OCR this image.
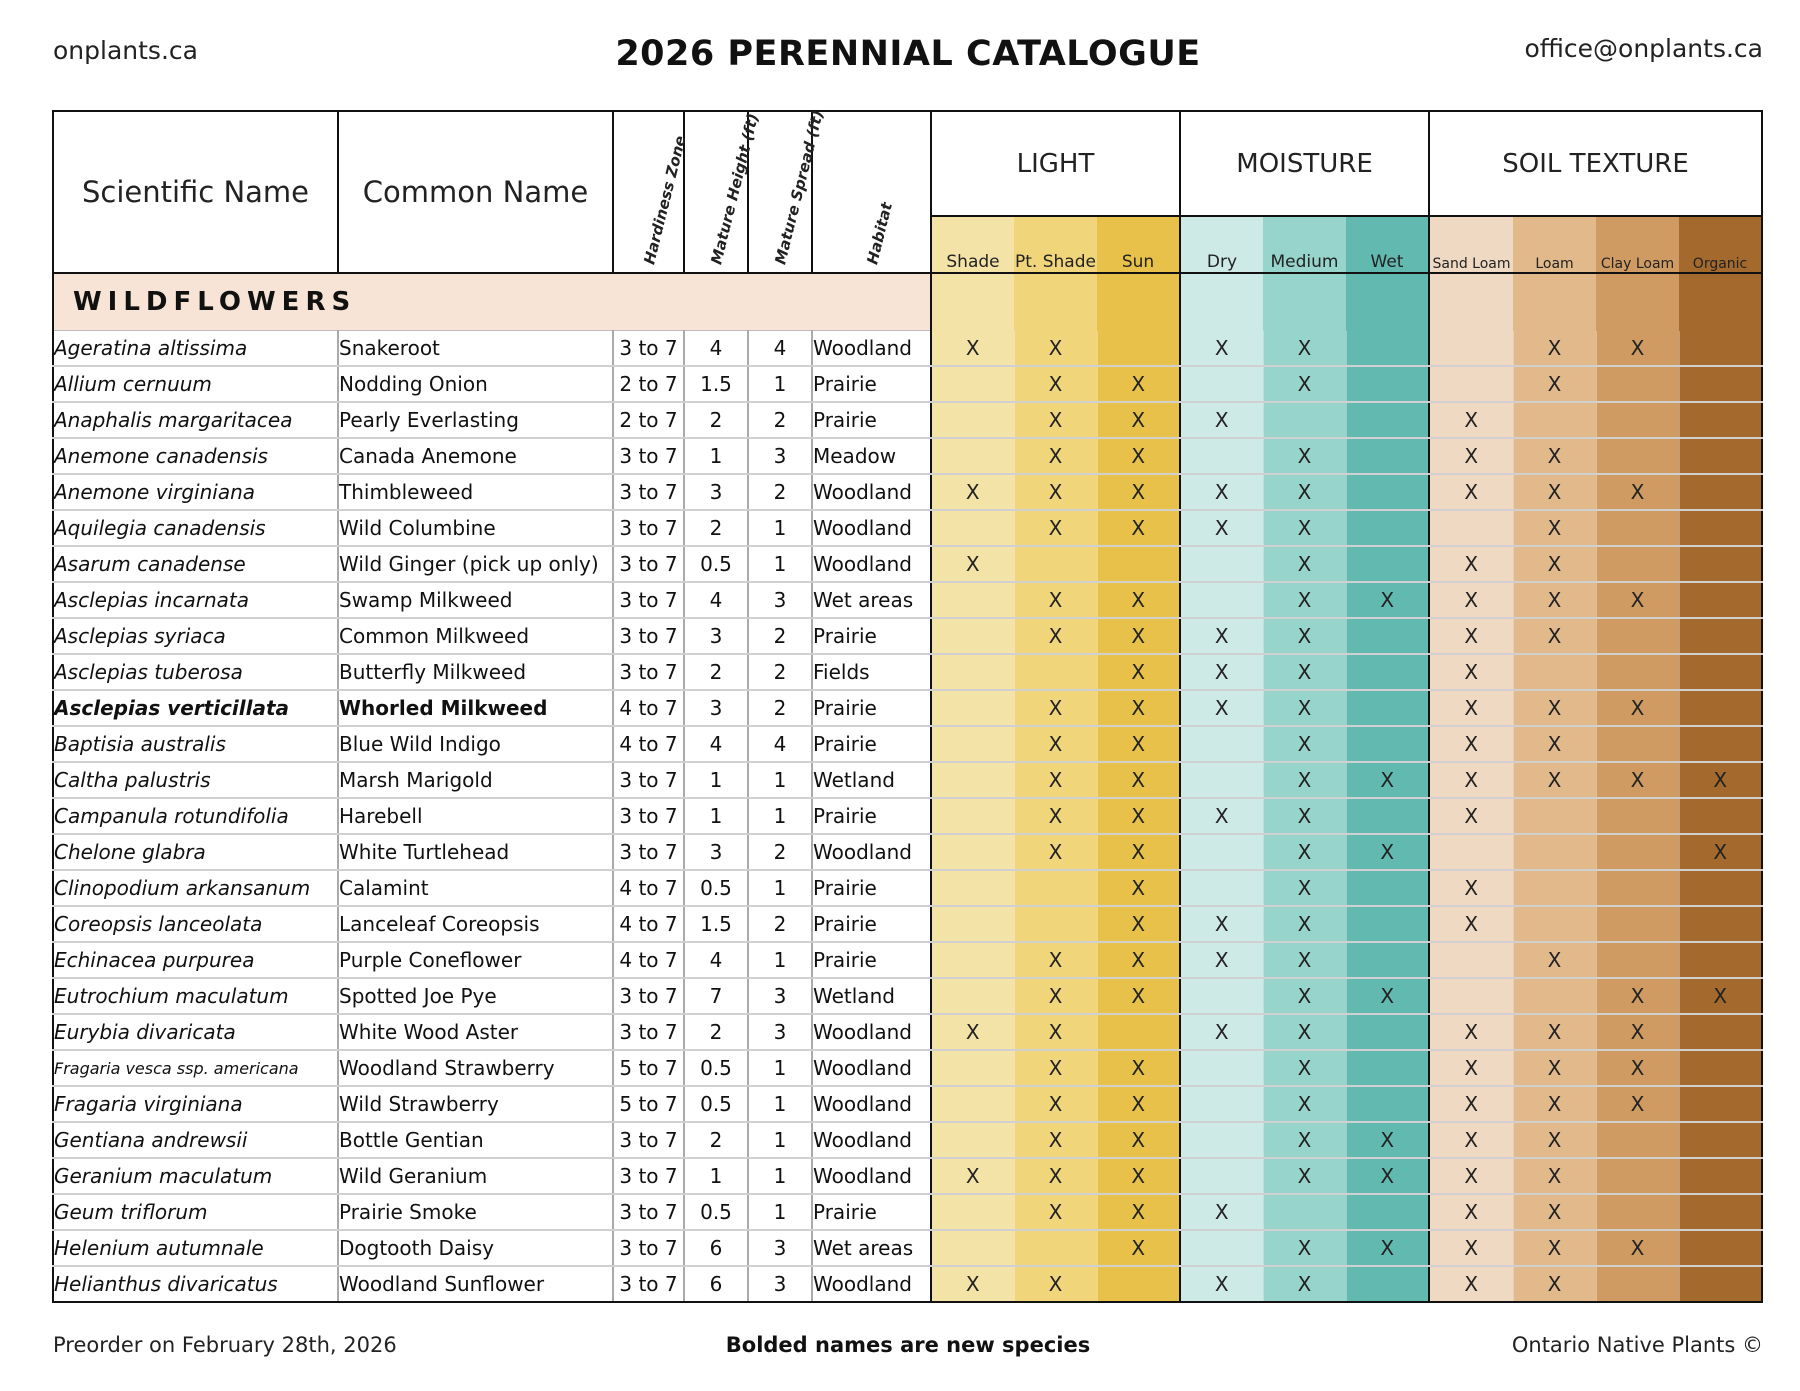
onplants.ca	2026 PERENNIAL CATALOGUE	office@onplants.ca
Scientific Name	Common Name	Hardiness Zone	Mature Height (ft)	Mature Spread (ft)	Habitat	LIGHT			MOISTURE			SOIL TEXTURE			
						Shade	Pt. Shade	Sun	Dry	Medium	Wet	Sand Loam	Loam	Clay Loam	Organic
WILDFLOWERS															
Ageratina altissima	Snakeroot	3 to 7	4	4	Woodland	X	X		X	X			X	X	
Allium cernuum	Nodding Onion	2 to 7	1.5	1	Prairie		X	X		X			X		
Anaphalis margaritacea	Pearly Everlasting	2 to 7	2	2	Prairie		X	X	X			X			
Anemone canadensis	Canada Anemone	3 to 7	1	3	Meadow		X	X		X		X	X		
Anemone virginiana	Thimbleweed	3 to 7	3	2	Woodland	X	X	X	X	X		X	X	X	
Aquilegia canadensis	Wild Columbine	3 to 7	2	1	Woodland		X	X	X	X			X		
Asarum canadense	Wild Ginger (pick up only)	3 to 7	0.5	1	Woodland	X				X		X	X		
Asclepias incarnata	Swamp Milkweed	3 to 7	4	3	Wet areas		X	X		X	X	X	X	X	
Asclepias syriaca	Common Milkweed	3 to 7	3	2	Prairie		X	X	X	X		X	X		
Asclepias tuberosa	Butterfly Milkweed	3 to 7	2	2	Fields			X	X	X		X			
Asclepias verticillata	Whorled Milkweed	4 to 7	3	2	Prairie		X	X	X	X		X	X	X	
Baptisia australis	Blue Wild Indigo	4 to 7	4	4	Prairie		X	X		X		X	X		
Caltha palustris	Marsh Marigold	3 to 7	1	1	Wetland		X	X		X	X	X	X	X	X
Campanula rotundifolia	Harebell	3 to 7	1	1	Prairie		X	X	X	X		X			
Chelone glabra	White Turtlehead	3 to 7	3	2	Woodland		X	X		X	X				X
Clinopodium arkansanum	Calamint	4 to 7	0.5	1	Prairie			X		X		X			
Coreopsis lanceolata	Lanceleaf Coreopsis	4 to 7	1.5	2	Prairie			X	X	X		X			
Echinacea purpurea	Purple Coneflower	4 to 7	4	1	Prairie		X	X	X	X			X		
Eutrochium maculatum	Spotted Joe Pye	3 to 7	7	3	Wetland		X	X		X	X			X	X
Eurybia divaricata	White Wood Aster	3 to 7	2	3	Woodland	X	X		X	X		X	X	X	
Fragaria vesca ssp. americana	Woodland Strawberry	5 to 7	0.5	1	Woodland		X	X		X		X	X	X	
Fragaria virginiana	Wild Strawberry	5 to 7	0.5	1	Woodland		X	X		X		X	X	X	
Gentiana andrewsii	Bottle Gentian	3 to 7	2	1	Woodland		X	X		X	X	X	X		
Geranium maculatum	Wild Geranium	3 to 7	1	1	Woodland	X	X	X		X	X	X	X		
Geum triflorum	Prairie Smoke	3 to 7	0.5	1	Prairie		X	X	X			X	X		
Helenium autumnale	Dogtooth Daisy	3 to 7	6	3	Wet areas			X		X	X	X	X	X	
Helianthus divaricatus	Woodland Sunflower	3 to 7	6	3	Woodland	X	X		X	X		X	X		
Preorder on February 28th, 2026	Bolded names are new species	Ontario Native Plants ©
